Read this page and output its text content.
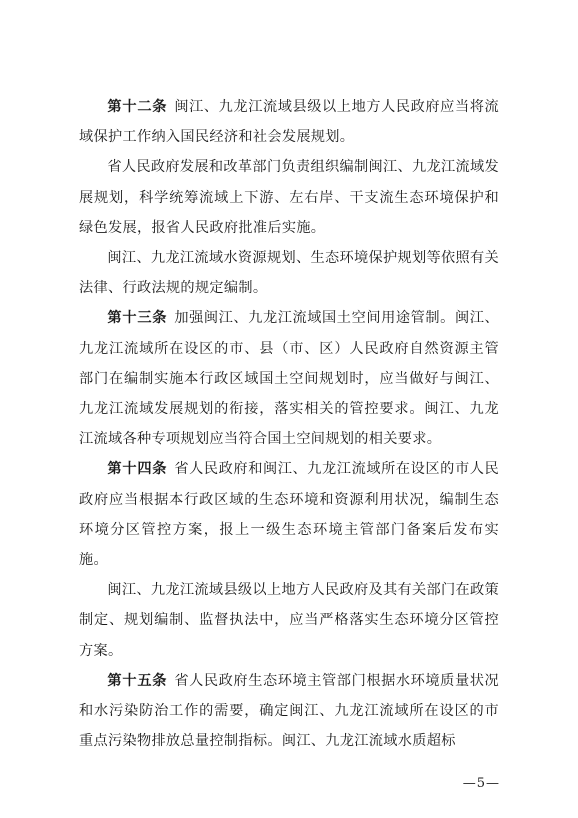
第十二条 闽江、九龙江流域县级以上地方人民政府应当将流域保护工作纳入国民经济和社会发展规划。

省人民政府发展和改革部门负责组织编制闽江、九龙江流域发展规划，科学统筹流域上下游、左右岸、干支流生态环境保护和绿色发展，报省人民政府批准后实施。

闽江、九龙江流域水资源规划、生态环境保护规划等依照有关法律、行政法规的规定编制。

第十三条 加强闽江、九龙江流域国土空间用途管制。闽江、九龙江流域所在设区的市、县（市、区）人民政府自然资源主管部门在编制实施本行政区域国土空间规划时，应当做好与闽江、九龙江流域发展规划的衔接，落实相关的管控要求。闽江、九龙江流域各种专项规划应当符合国土空间规划的相关要求。

第十四条 省人民政府和闽江、九龙江流域所在设区的市人民政府应当根据本行政区域的生态环境和资源利用状况，编制生态环境分区管控方案，报上一级生态环境主管部门备案后发布实施。

闽江、九龙江流域县级以上地方人民政府及其有关部门在政策制定、规划编制、监督执法中，应当严格落实生态环境分区管控方案。

第十五条 省人民政府生态环境主管部门根据水环境质量状况和水污染防治工作的需要，确定闽江、九龙江流域所在设区的市重点污染物排放总量控制指标。闽江、九龙江流域水质超标

—5—
